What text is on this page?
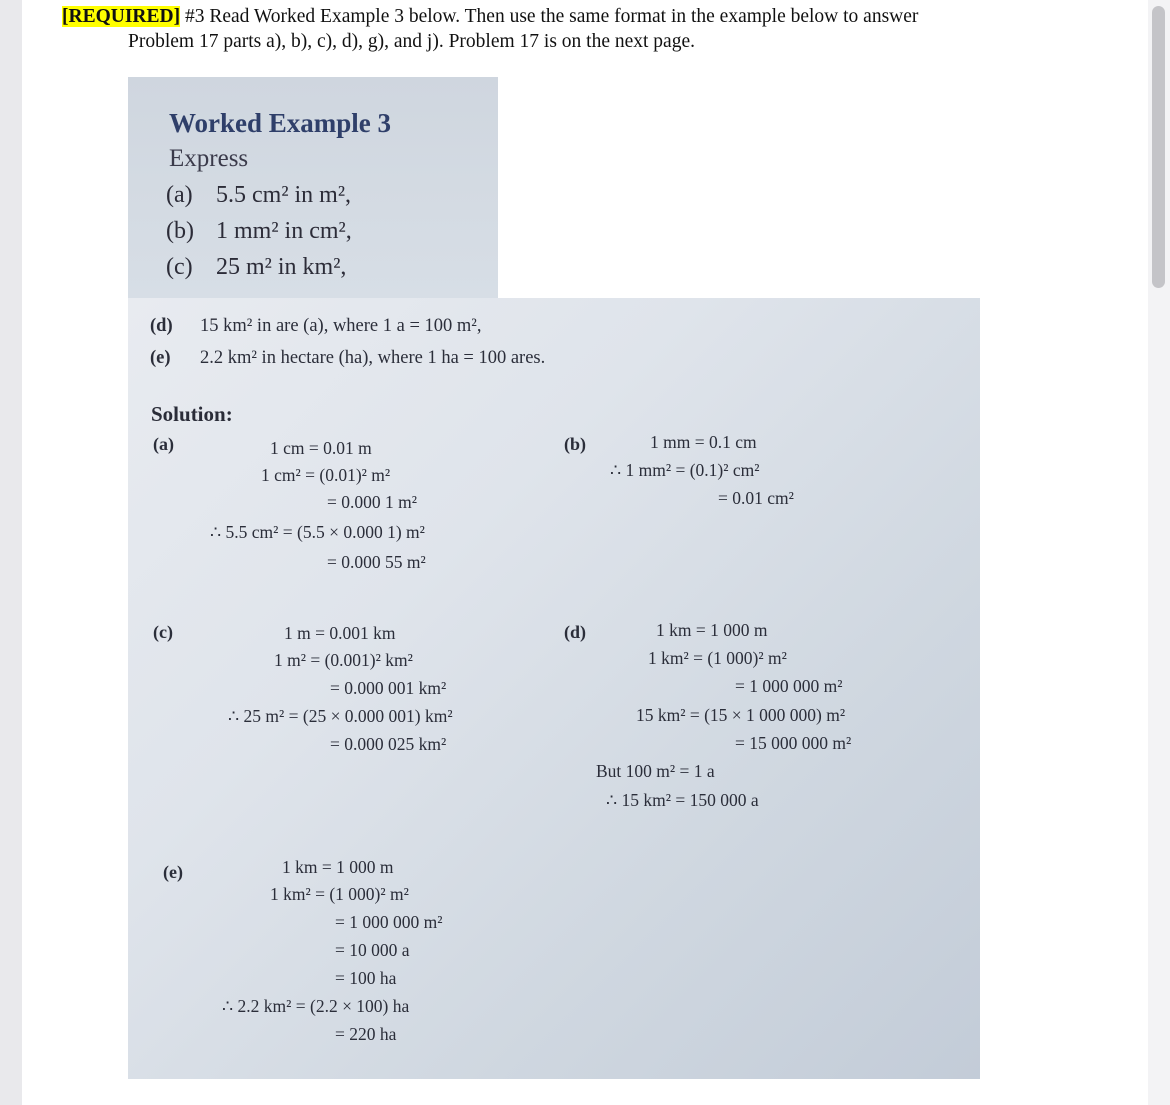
[REQUIRED] #3 Read Worked Example 3 below. Then use the same format in the example below to answer
Problem 17 parts a), b), c), d), g), and j). Problem 17 is on the next page.
Worked Example 3
Express
(a) 5.5 cm² in m²,
(b) 1 mm² in cm²,
(c) 25 m² in km²,
(d) 15 km² in are (a), where 1 a = 100 m²,
(e) 2.2 km² in hectare (ha), where 1 ha = 100 ares.
Solution:
(a)	1 cm = 0.01 m
1 cm² = (0.01)² m²
= 0.000 1 m²
∴ 5.5 cm² = (5.5 × 0.000 1) m²
= 0.000 55 m²
(b)	1 mm = 0.1 cm
∴ 1 mm² = (0.1)² cm²
= 0.01 cm²
(c)	1 m = 0.001 km
1 m² = (0.001)² km²
= 0.000 001 km²
∴ 25 m² = (25 × 0.000 001) km²
= 0.000 025 km²
(d)	1 km = 1 000 m
1 km² = (1 000)² m²
= 1 000 000 m²
15 km² = (15 × 1 000 000) m²
= 15 000 000 m²
But 100 m² = 1 a
∴ 15 km² = 150 000 a
(e)	1 km = 1 000 m
1 km² = (1 000)² m²
= 1 000 000 m²
= 10 000 a
= 100 ha
∴ 2.2 km² = (2.2 × 100) ha
= 220 ha
